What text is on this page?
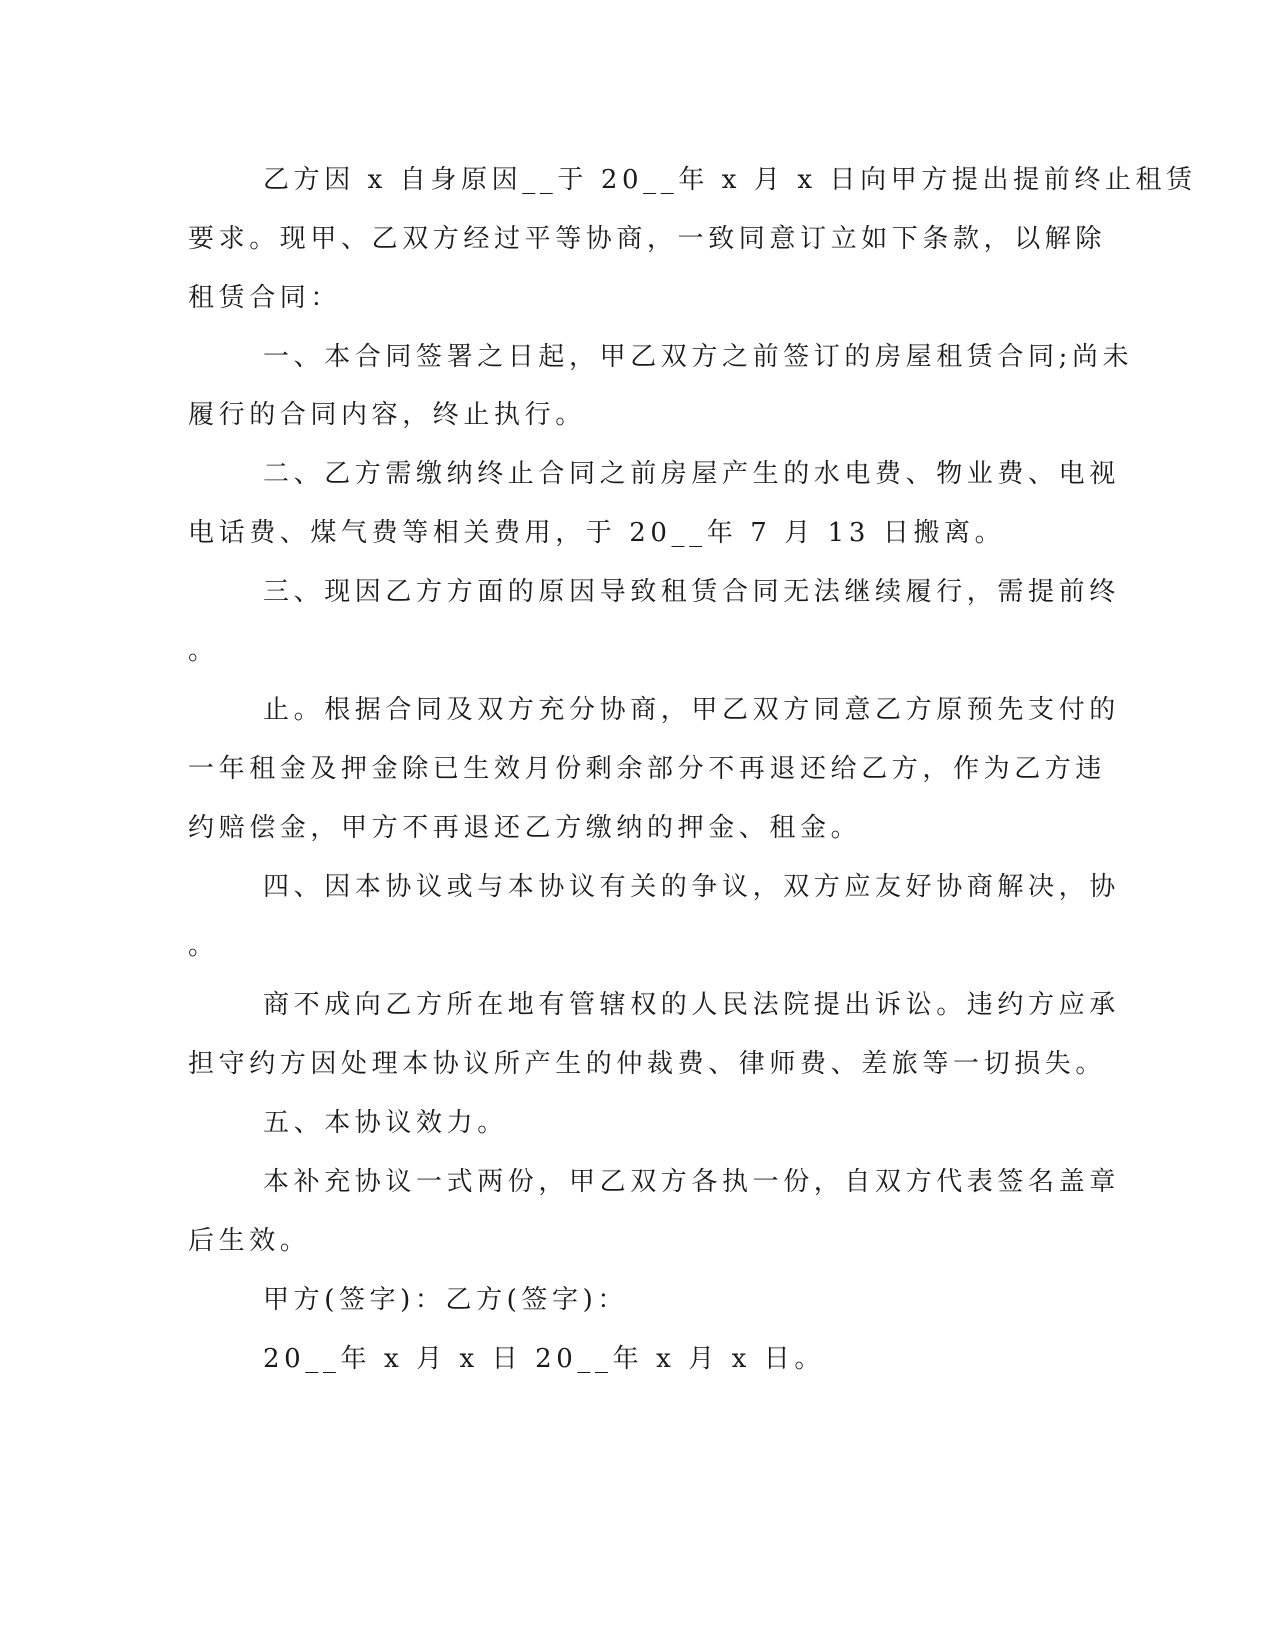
乙方因 x 自身原因__于 20__年 x 月 x 日向甲方提出提前终止租赁
要求。现甲、乙双方经过平等协商，一致同意订立如下条款，以解除
租赁合同：
一、本合同签署之日起，甲乙双方之前签订的房屋租赁合同;尚未
履行的合同内容，终止执行。
二、乙方需缴纳终止合同之前房屋产生的水电费、物业费、电视
电话费、煤气费等相关费用，于 20__年 7 月 13 日搬离。
三、现因乙方方面的原因导致租赁合同无法继续履行，需提前终
。
止。根据合同及双方充分协商，甲乙双方同意乙方原预先支付的
一年租金及押金除已生效月份剩余部分不再退还给乙方，作为乙方违
约赔偿金，甲方不再退还乙方缴纳的押金、租金。
四、因本协议或与本协议有关的争议，双方应友好协商解决，协
。
商不成向乙方所在地有管辖权的人民法院提出诉讼。违约方应承
担守约方因处理本协议所产生的仲裁费、律师费、差旅等一切损失。
五、本协议效力。
本补充协议一式两份，甲乙双方各执一份，自双方代表签名盖章
后生效。
甲方(签字)：乙方(签字)：
20__年 x 月 x 日 20__年 x 月 x 日。
